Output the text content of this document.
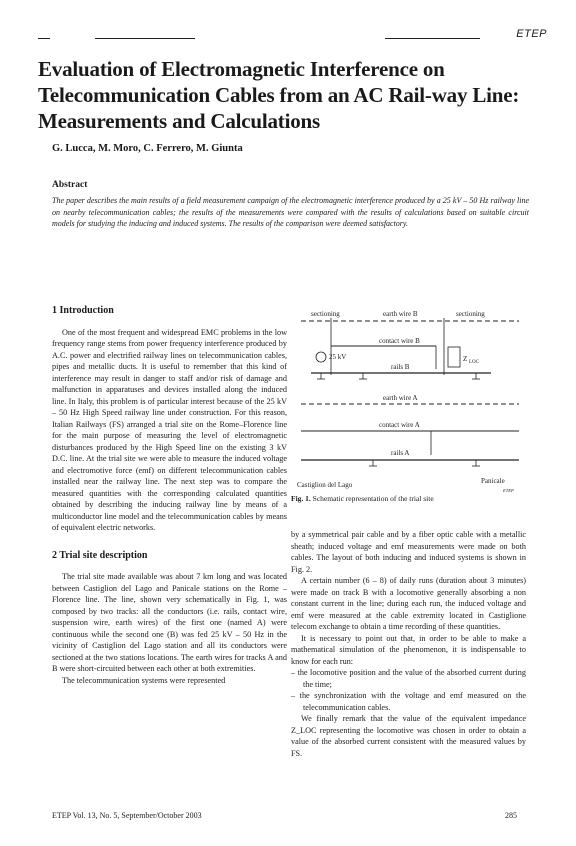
ETEP
Evaluation of Electromagnetic Interference on Telecommunication Cables from an AC Rail-way Line: Measurements and Calculations
G. Lucca, M. Moro, C. Ferrero, M. Giunta
Abstract

The paper describes the main results of a field measurement campaign of the electromagnetic interference produced by a 25 kV – 50 Hz railway line on nearby telecommunication cables; the results of the measurements were compared with the results of calculations based on suitable circuit models for studying the inducing and induced systems. The results of the comparison were deemed satisfactory.

1 Introduction

One of the most frequent and widespread EMC problems in the low frequency range stems from power frequency interference produced by A.C. power and electrified railway lines on telecommunication cables, pipes and metallic ducts. It is useful to remember that this kind of interference may result in danger to staff and/or risk of damage and malfunction in apparatuses and devices installed along the induced line. In Italy, this problem is of particular interest because of the 25 kV – 50 Hz High Speed railway line under construction. For this reason, Italian Railways (FS) arranged a trial site on the Rome–Florence line for the main purpose of measuring the level of electromagnetic disturbances produced by the High Speed line on the existing 3 kV D.C. line. At the trial site we were able to measure the induced voltage and electromotive force (emf) on different telecommunication cables installed near the railway line. The next step was to compare the measured quantities with the corresponding calculated quantities obtained by describing the inducing railway line by means of a multiconductor line model and the telecommunication cables by means of equivalent electric networks.

2 Trial site description

The trial site made available was about 7 km long and was located between Castiglion del Lago and Panicale stations on the Rome – Florence line. The line, shown very schematically in Fig. 1, was composed by two tracks: all the conductors (i.e. rails, contact wire, suspension wire, earth wires) of the first one (named A) were continuous while the second one (B) was fed 25 kV – 50 Hz in the vicinity of Castiglion del Lago station and all its conductors were sectioned at the two stations locations. The earth wires for tracks A and B were short-circuited between each other at both extremities.

The telecommunication systems were represented

sectioning	earth wire B	sectioning
contact wire B
25 kV	Z LOC
rails B
earth wire A
contact wire A
rails A
Castiglion del Lago	Panicale
ETEP
Fig. 1. Schematic representation of the trial site

by a symmetrical pair cable and by a fiber optic cable with a metallic sheath; induced voltage and emf measurements were made on both cables. The layout of both inducing and induced systems is shown in Fig. 2.

A certain number (6 – 8) of daily runs (duration about 3 minutes) were made on track B with a locomotive generally absorbing a non constant current in the line; during each run, the induced voltage and emf were measured at the cable extremity located in Castiglione telecom exchange to obtain a time recording of these quantities.

It is necessary to point out that, in order to be able to make a mathematical simulation of the phenomenon, it is indispensable to know for each run:

– the locomotive position and the value of the absorbed current during the time;

– the synchronization with the voltage and emf measured on the telecommunication cables.

We finally remark that the value of the equivalent impedance Z_LOC representing the locomotive was chosen in order to obtain a value of the absorbed current consistent with the measured values by FS.

ETEP Vol. 13, No. 5, September/October 2003	285
